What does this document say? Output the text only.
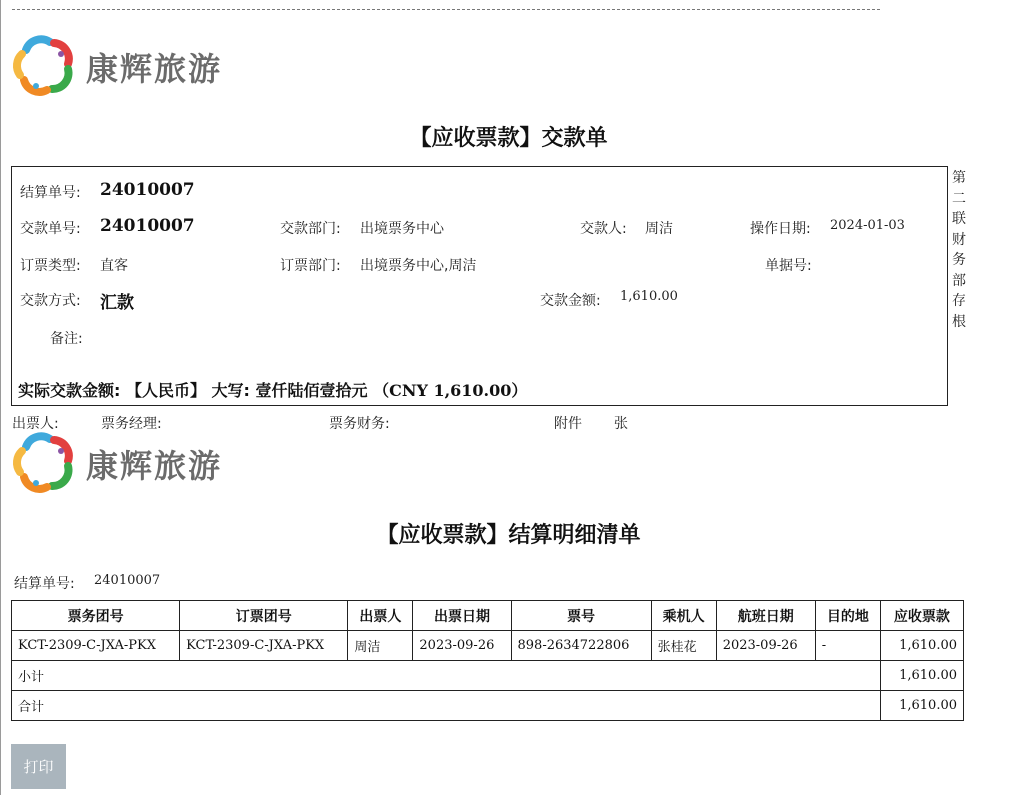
康辉旅游
【应收票款】交款单
结算单号: 24010007
交款单号: 24010007	交款部门: 出境票务中心	交款人: 周洁	操作日期: 2024-01-03
订票类型: 直客	订票部门: 出境票务中心,周洁	单据号:
交款方式: 汇款	交款金额: 1,610.00
备注:
实际交款金额: 【人民币】 大写: 壹仟陆佰壹拾元 （CNY 1,610.00）
第
二
联
财
务
部
存
根
出票人:	票务经理:	票务财务:	附件 张
康辉旅游
【应收票款】结算明细清单
结算单号: 24010007
票务团号	订票团号	出票人	出票日期	票号	乘机人	航班日期	目的地	应收票款
KCT-2309-C-JXA-PKX	KCT-2309-C-JXA-PKX	周洁	2023-09-26	898-2634722806	张桂花	2023-09-26	-	1,610.00
小计								1,610.00
合计								1,610.00
打印
